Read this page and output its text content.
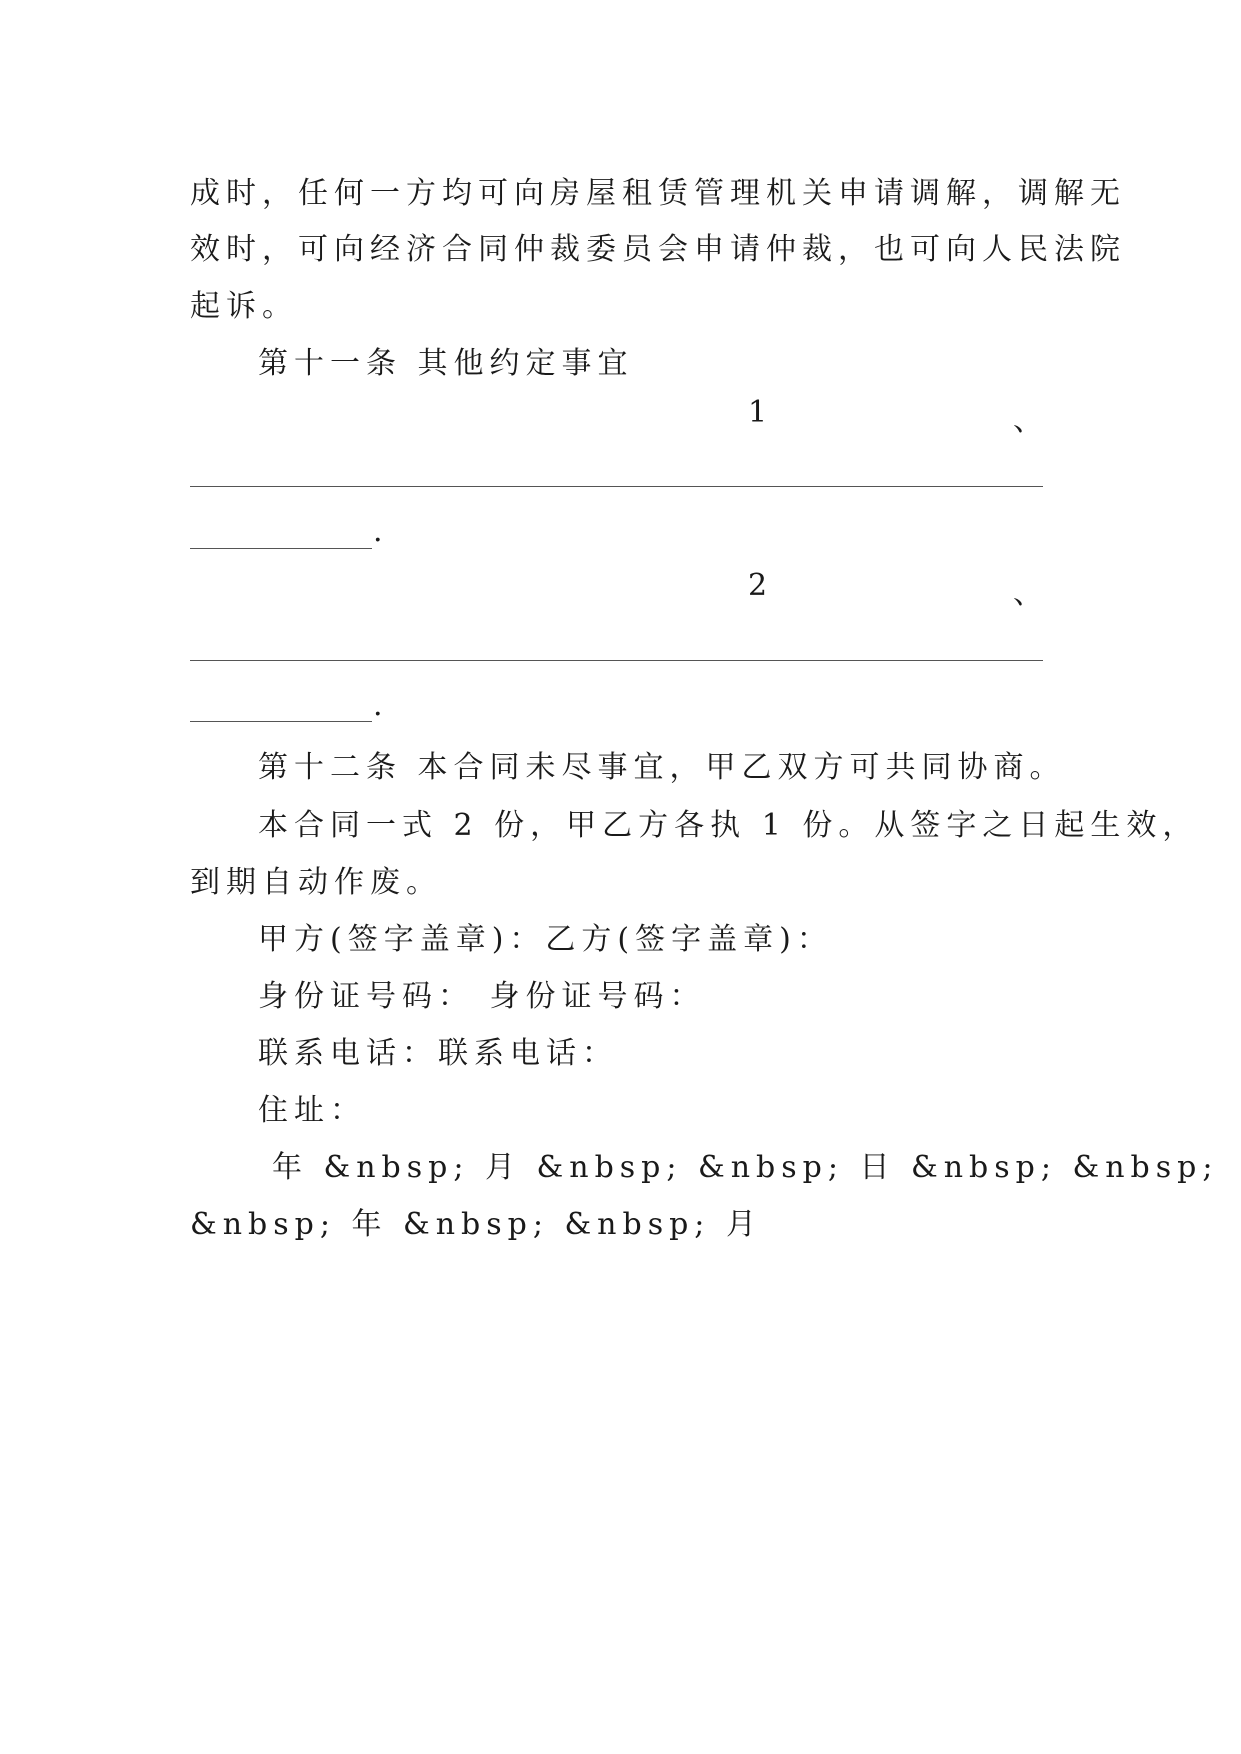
成时，任何一方均可向房屋租赁管理机关申请调解，调解无
效时，可向经济合同仲裁委员会申请仲裁，也可向人民法院
起诉。
第十一条 其他约定事宜
1	、
.
2	、
.
第十二条 本合同未尽事宜，甲乙双方可共同协商。
本合同一式 2 份，甲乙方各执 1 份。从签字之日起生效，
到期自动作废。
甲方(签字盖章)：乙方(签字盖章)：
身份证号码： 身份证号码：
联系电话：联系电话：
住址：
年 &nbsp; 月 &nbsp; &nbsp; 日 &nbsp; &nbsp;
&nbsp; 年 &nbsp; &nbsp; 月
